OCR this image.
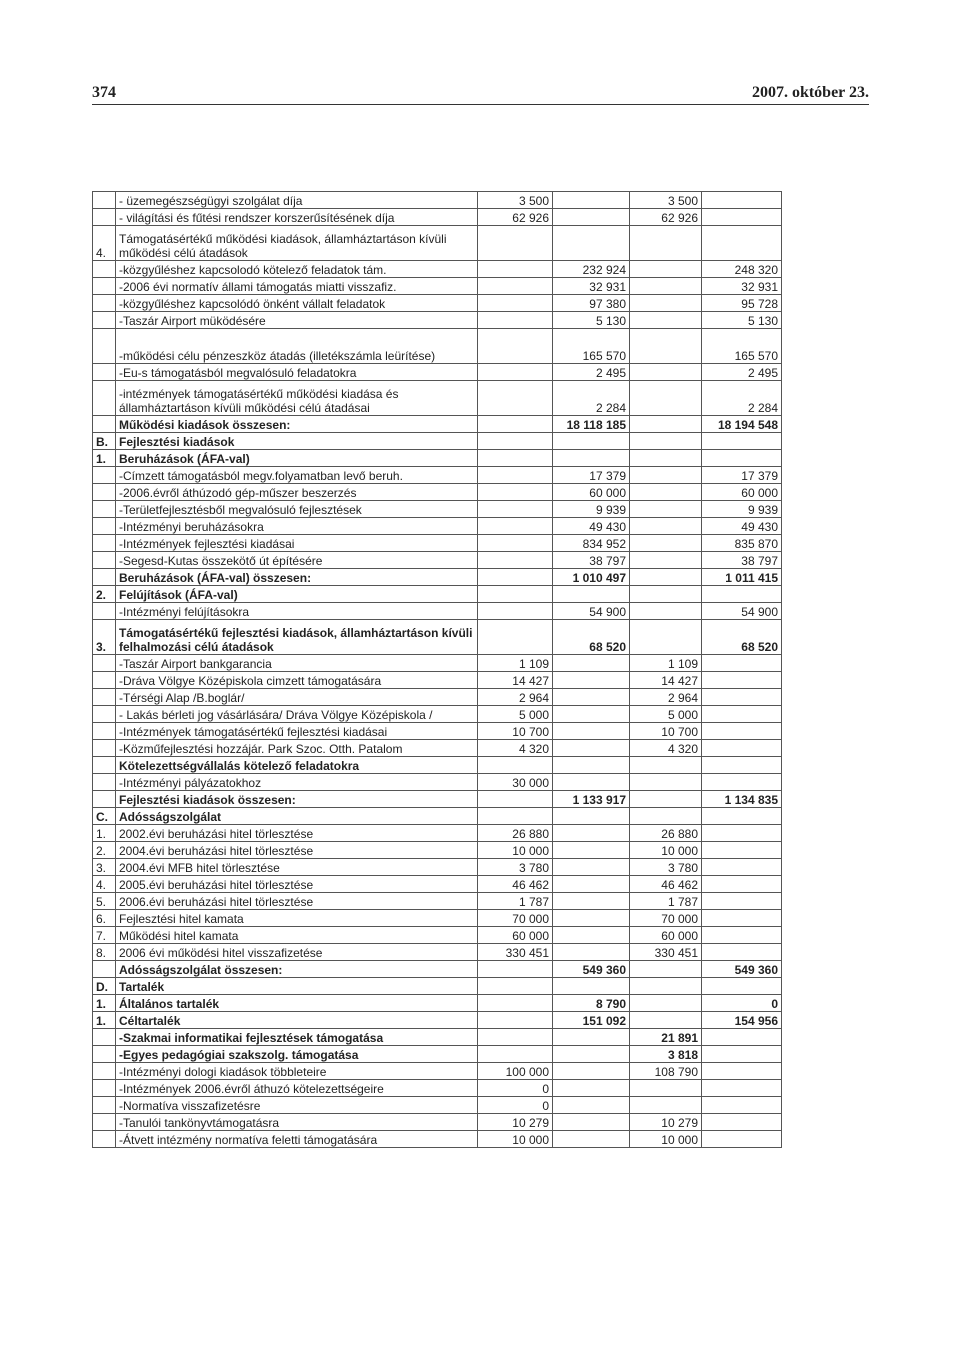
374	2007. október 23.
	- üzemegészségügyi szolgálat díja	3 500		3 500	
	- világítási és fűtési rendszer korszerűsítésének díja	62 926		62 926	
4.	Támogatásértékű működési kiadások, államháztartáson kívüli működési célú átadások				
	-közgyűléshez kapcsolodó kötelező feladatok tám.		232 924		248 320
	-2006 évi normatív állami támogatás miatti visszafiz.		32 931		32 931
	-közgyűléshez kapcsolódó önként vállalt feladatok		97 380		95 728
	-Taszár Airport müködésére		5 130		5 130
	-működési célu pénzeszköz átadás (illetékszámla leürítése)		165 570		165 570
	-Eu-s támogatásból megvalósuló feladatokra		2 495		2 495
	-intézmények támogatásértékű működési kiadása és államháztartáson kívüli működési célú átadásai		2 284		2 284
	Működési kiadások összesen:		18 118 185		18 194 548
B.	Fejlesztési kiadások				
1.	Beruházások (ÁFA-val)				
	-Címzett támogatásból megv.folyamatban levő beruh.		17 379		17 379
	-2006.évről áthúzodó gép-műszer beszerzés		60 000		60 000
	-Területfejlesztésből megvalósuló fejlesztések		9 939		9 939
	-Intézményi beruházásokra		49 430		49 430
	-Intézmények fejlesztési kiadásai		834 952		835 870
	-Segesd-Kutas összekötő út építésére		38 797		38 797
	Beruházások (ÁFA-val) összesen:		1 010 497		1 011 415
2.	Felújítások (ÁFA-val)				
	-Intézményi felújításokra		54 900		54 900
3.	Támogatásértékű fejlesztési kiadások, államháztartáson kívüli felhalmozási célú átadások		68 520		68 520
	-Taszár Airport bankgarancia	1 109		1 109	
	-Dráva Völgye Középiskola cimzett támogatására	14 427		14 427	
	-Térségi Alap /B.boglár/	2 964		2 964	
	- Lakás bérleti jog vásárlására/ Dráva Völgye Középiskola /	5 000		5 000	
	-Intézmények támogatásértékű fejlesztési kiadásai	10 700		10 700	
	-Közműfejlesztési hozzájár. Park Szoc. Otth. Patalom	4 320		4 320	
	Kötelezettségvállalás kötelező feladatokra				
	-Intézményi pályázatokhoz	30 000			
	Fejlesztési kiadások összesen:		1 133 917		1 134 835
C.	Adósságszolgálat				
1.	2002.évi beruházási hitel törlesztése	26 880		26 880	
2.	2004.évi beruházási hitel törlesztése	10 000		10 000	
3.	2004.évi MFB hitel törlesztése	3 780		3 780	
4.	2005.évi beruházási hitel törlesztése	46 462		46 462	
5.	2006.évi beruházási hitel törlesztése	1 787		1 787	
6.	Fejlesztési hitel kamata	70 000		70 000	
7.	Működési hitel kamata	60 000		60 000	
8.	2006 évi működési hitel visszafizetése	330 451		330 451	
	Adósságszolgálat összesen:		549 360		549 360
D.	Tartalék				
1.	Általános tartalék		8 790		0
1.	Céltartalék		151 092		154 956
	-Szakmai informatikai fejlesztések támogatása			21 891	
	-Egyes pedagógiai szakszolg. támogatása			3 818	
	-Intézményi dologi kiadások többleteire	100 000		108 790	
	-Intézmények 2006.évről áthuzó kötelezettségeire	0			
	-Normatíva visszafizetésre	0			
	-Tanulói tankönyvtámogatásra	10 279		10 279	
	-Átvett intézmény normatíva feletti támogatására	10 000		10 000	
